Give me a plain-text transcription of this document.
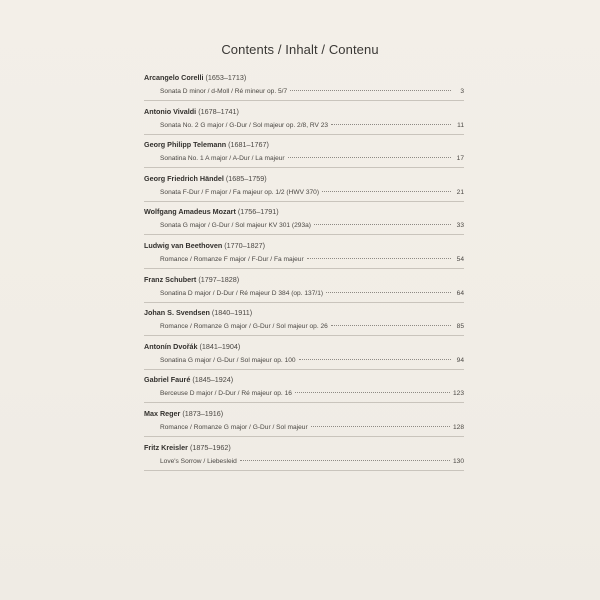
Contents / Inhalt / Contenu
Arcangelo Corelli (1653–1713)
Sonata D minor / d-Moll / Ré mineur op. 5/7	3
Antonio Vivaldi (1678–1741)
Sonata No. 2 G major / G-Dur / Sol majeur op. 2/8, RV 23	11
Georg Philipp Telemann (1681–1767)
Sonatina No. 1 A major / A-Dur / La majeur	17
Georg Friedrich Händel (1685–1759)
Sonata F-Dur / F major / Fa majeur op. 1/2 (HWV 370)	21
Wolfgang Amadeus Mozart (1756–1791)
Sonata G major / G-Dur / Sol majeur KV 301 (293a)	33
Ludwig van Beethoven (1770–1827)
Romance / Romanze F major / F-Dur / Fa majeur	54
Franz Schubert (1797–1828)
Sonatina D major / D-Dur / Ré majeur D 384 (op. 137/1)	64
Johan S. Svendsen (1840–1911)
Romance / Romanze G major / G-Dur / Sol majeur op. 26	85
Antonín Dvořák (1841–1904)
Sonatina G major / G-Dur / Sol majeur op. 100	94
Gabriel Fauré (1845–1924)
Berceuse D major / D-Dur / Ré majeur op. 16	123
Max Reger (1873–1916)
Romance / Romanze G major / G-Dur / Sol majeur	128
Fritz Kreisler (1875–1962)
Love's Sorrow / Liebesleid	130
